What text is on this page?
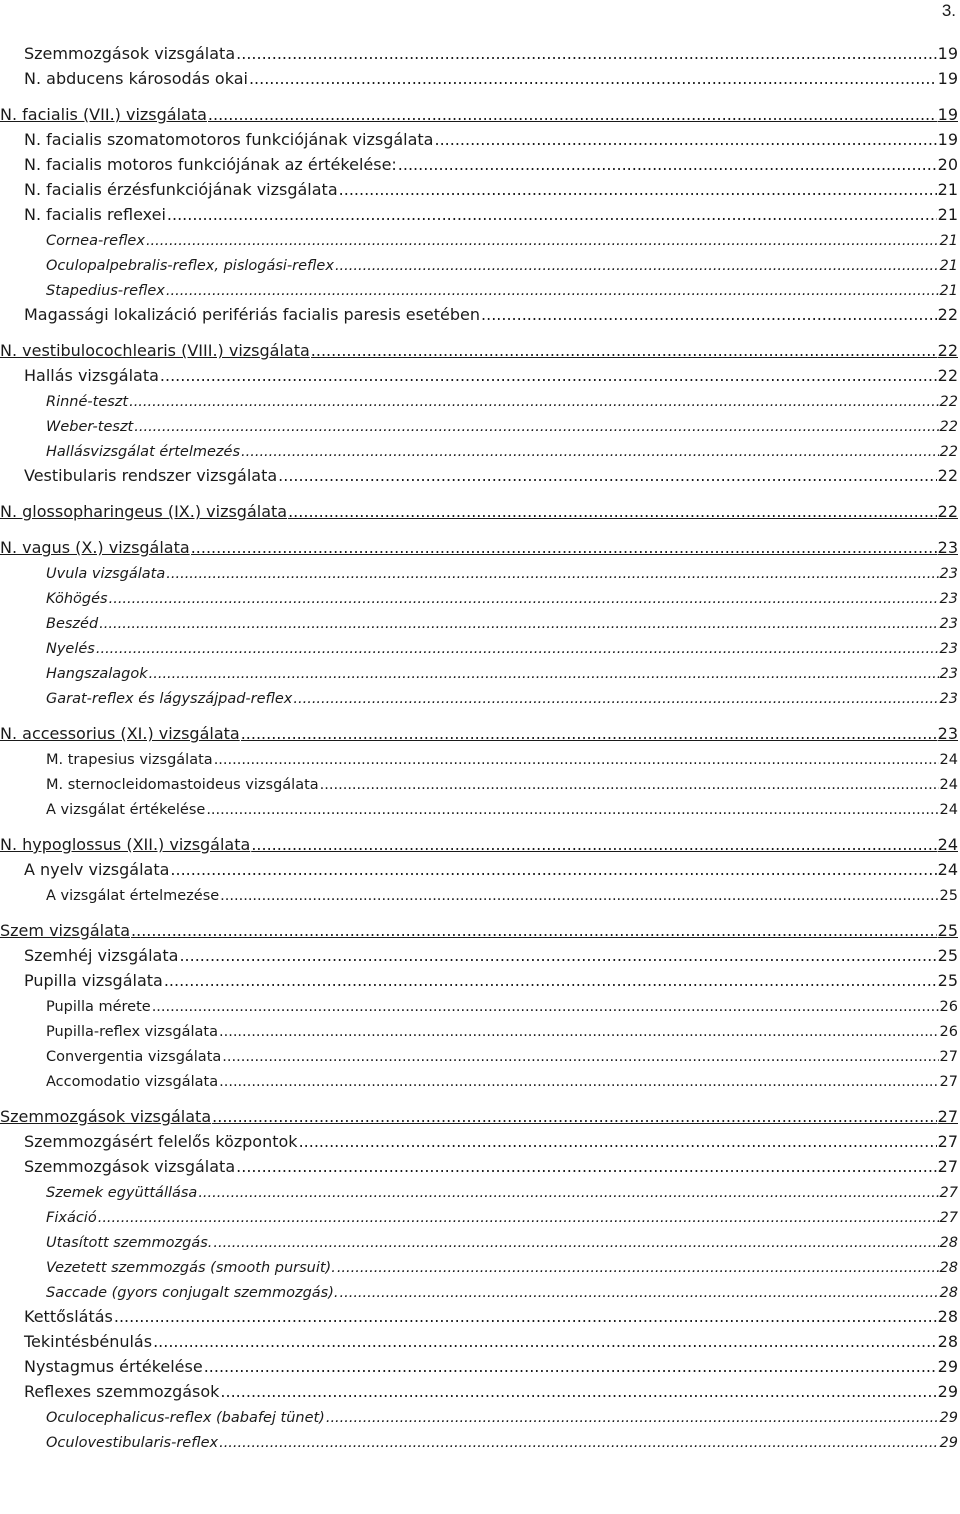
3.
Szemmozgások vizsgálata .....	19
N. abducens károsodás okai .....	19
N. facialis (VII.) vizsgálata .....	19
N. facialis szomatomotoros funkciójának vizsgálata .....	19
N. facialis motoros funkciójának az értékelése: .....	20
N. facialis érzésfunkciójának vizsgálata .....	21
N. facialis reflexei .....	21
Cornea-reflex .....	21
Oculopalpebralis-reflex, pislogási-reflex .....	21
Stapedius-reflex .....	21
Magassági lokalizáció perifériás facialis paresis esetében .....	22
N. vestibulocochlearis (VIII.) vizsgálata .....	22
Hallás vizsgálata .....	22
Rinné-teszt .....	22
Weber-teszt .....	22
Hallásvizsgálat értelmezés .....	22
Vestibularis rendszer vizsgálata .....	22
N. glossopharingeus (IX.) vizsgálata .....	22
N. vagus (X.) vizsgálata .....	23
Uvula vizsgálata .....	23
Köhögés .....	23
Beszéd .....	23
Nyelés .....	23
Hangszalagok .....	23
Garat-reflex és lágyszájpad-reflex .....	23
N. accessorius (XI.) vizsgálata .....	23
M. trapesius vizsgálata .....	24
M. sternocleidomastoideus vizsgálata .....	24
A vizsgálat értékelése .....	24
N. hypoglossus (XII.) vizsgálata .....	24
A nyelv vizsgálata .....	24
A vizsgálat értelmezése .....	25
Szem vizsgálata .....	25
Szemhéj vizsgálata .....	25
Pupilla vizsgálata .....	25
Pupilla mérete .....	26
Pupilla-reflex vizsgálata .....	26
Convergentia vizsgálata .....	27
Accomodatio vizsgálata .....	27
Szemmozgások vizsgálata .....	27
Szemmozgásért felelős központok .....	27
Szemmozgások vizsgálata .....	27
Szemek együttállása .....	27
Fixáció .....	27
Utasított szemmozgás. .....	28
Vezetett szemmozgás (smooth pursuit). .....	28
Saccade (gyors conjugalt szemmozgás). .....	28
Kettőslátás .....	28
Tekintésbénulás .....	28
Nystagmus értékelése .....	29
Reflexes szemmozgások .....	29
Oculocephalicus-reflex (babafej tünet) .....	29
Oculovestibularis-reflex .....	29
